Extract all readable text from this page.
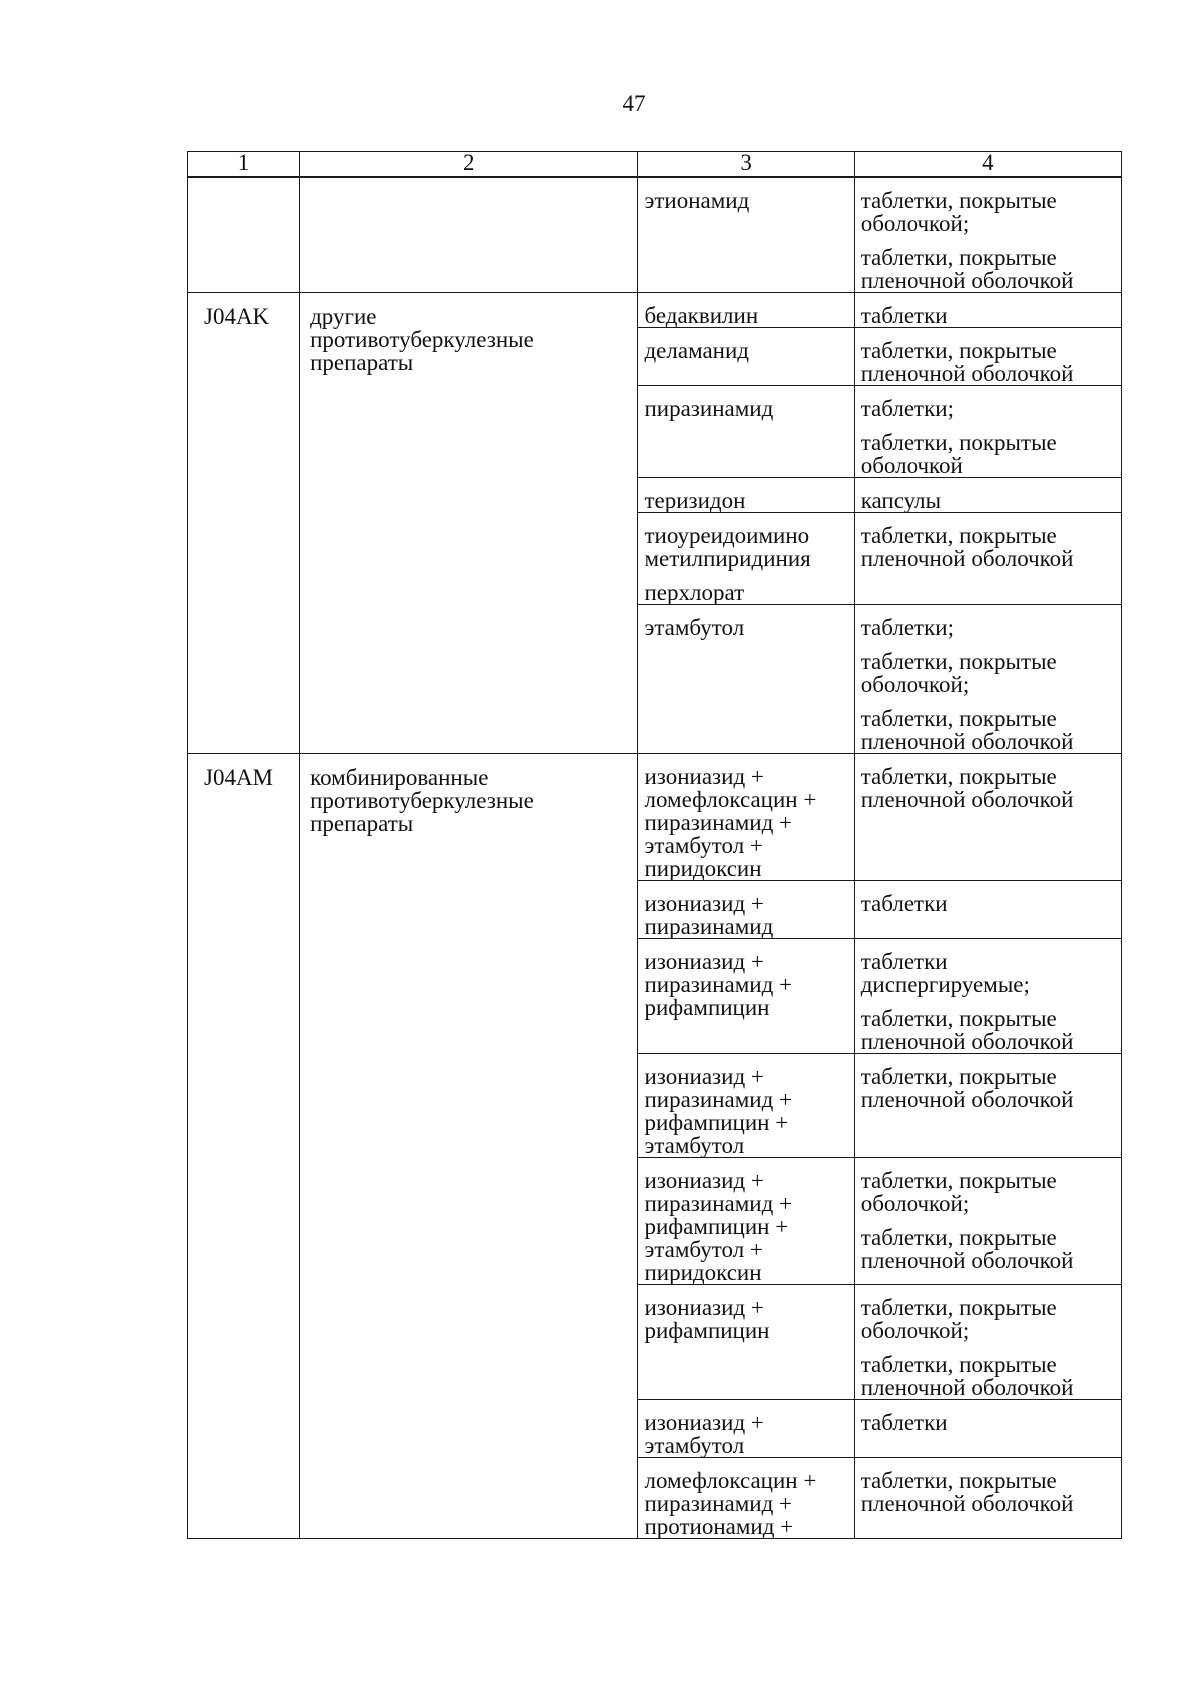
47
1	2	3	4

		этионамид	таблетки, покрытые
оболочкой;
таблетки, покрытые
пленочной оболочкой

J04AK	другие
противотуберкулезные
препараты	бедаквилин	таблетки

		деламанид	таблетки, покрытые
пленочной оболочкой

		пиразинамид	таблетки;
таблетки, покрытые
оболочкой

		теризидон	капсулы

		тиоуреидоимино
метилпиридиния
перхлорат	таблетки, покрытые
пленочной оболочкой

		этамбутол	таблетки;
таблетки, покрытые
оболочкой;
таблетки, покрытые
пленочной оболочкой

J04AM	комбинированные
противотуберкулезные
препараты	изониазид +
ломефлоксацин +
пиразинамид +
этамбутол +
пиридоксин	таблетки, покрытые
пленочной оболочкой

		изониазид +
пиразинамид	таблетки

		изониазид +
пиразинамид +
рифампицин	таблетки
диспергируемые;
таблетки, покрытые
пленочной оболочкой

		изониазид +
пиразинамид +
рифампицин +
этамбутол	таблетки, покрытые
пленочной оболочкой

		изониазид +
пиразинамид +
рифампицин +
этамбутол +
пиридоксин	таблетки, покрытые
оболочкой;
таблетки, покрытые
пленочной оболочкой

		изониазид +
рифампицин	таблетки, покрытые
оболочкой;
таблетки, покрытые
пленочной оболочкой

		изониазид +
этамбутол	таблетки

		ломефлоксацин +
пиразинамид +
протионамид +	таблетки, покрытые
пленочной оболочкой
